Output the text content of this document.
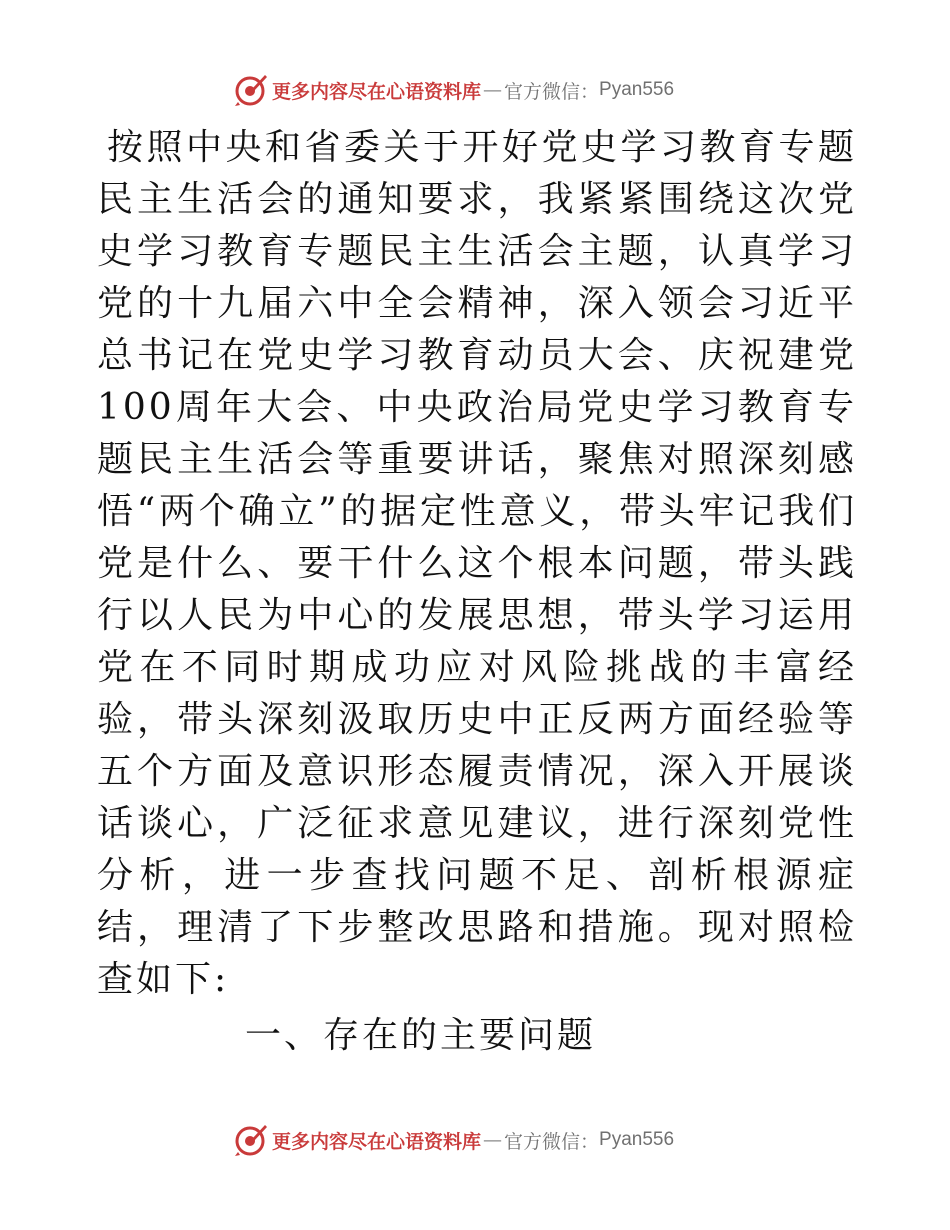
更多内容尽在心语资料库 — 官方微信： Pyan556

按照中央和省委关于开好党史学习教育专题民主生活会的通知要求，我紧紧围绕这次党史学习教育专题民主生活会主题，认真学习党的十九届六中全会精神，深入领会习近平总书记在党史学习教育动员大会、庆祝建党100周年大会、中央政治局党史学习教育专题民主生活会等重要讲话，聚焦对照深刻感悟“两个确立”的据定性意义，带头牢记我们党是什么、要干什么这个根本问题，带头践行以人民为中心的发展思想，带头学习运用党在不同时期成功应对风险挑战的丰富经验，带头深刻汲取历史中正反两方面经验等五个方面及意识形态履责情况，深入开展谈话谈心，广泛征求意见建议，进行深刻党性分析，进一步查找问题不足、剖析根源症结，理清了下步整改思路和措施。现对照检查如下:

一、存在的主要问题
更多内容尽在心语资料库 — 官方微信： Pyan556
